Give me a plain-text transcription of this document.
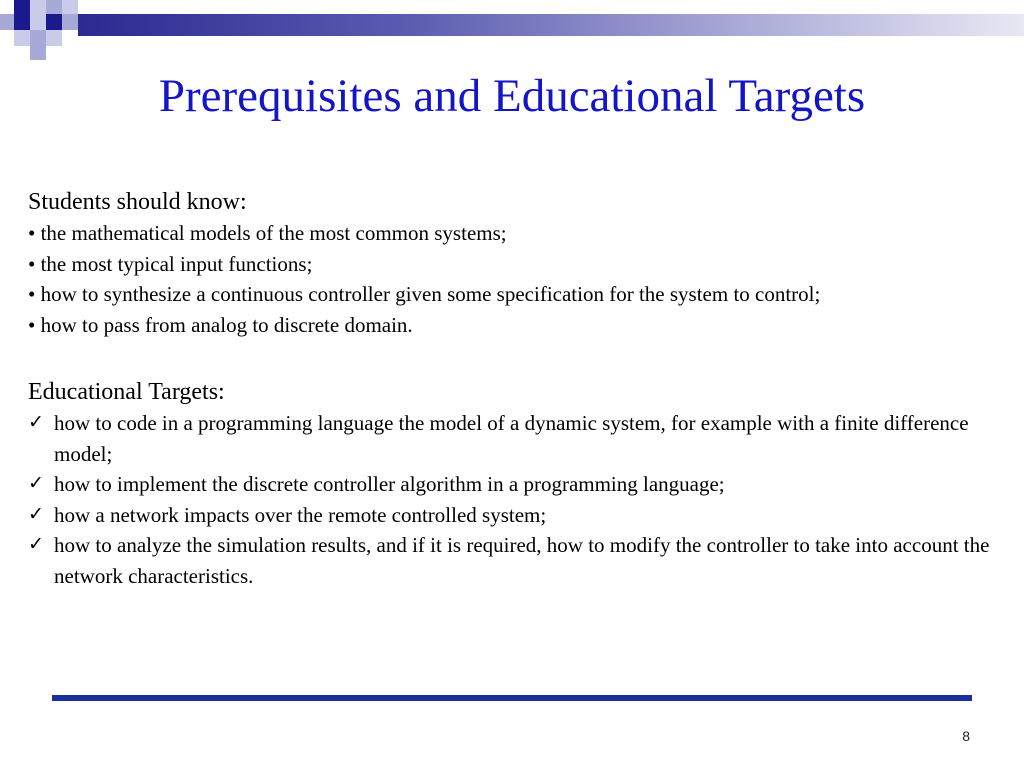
Prerequisites and Educational Targets

Students should know:

• the mathematical models of the most common systems;

• the most typical input functions;

• how to synthesize a continuous controller given some specification for the system to control;

• how to pass from analog to discrete domain.

Educational Targets:

✓ how to code in a programming language the model of a dynamic system, for example with a finite difference model;

✓ how to implement the discrete controller algorithm in a programming language;

✓ how a network impacts over the remote controlled system;

✓ how to analyze the simulation results, and if it is required, how to modify the controller to take into account the network characteristics.

8
